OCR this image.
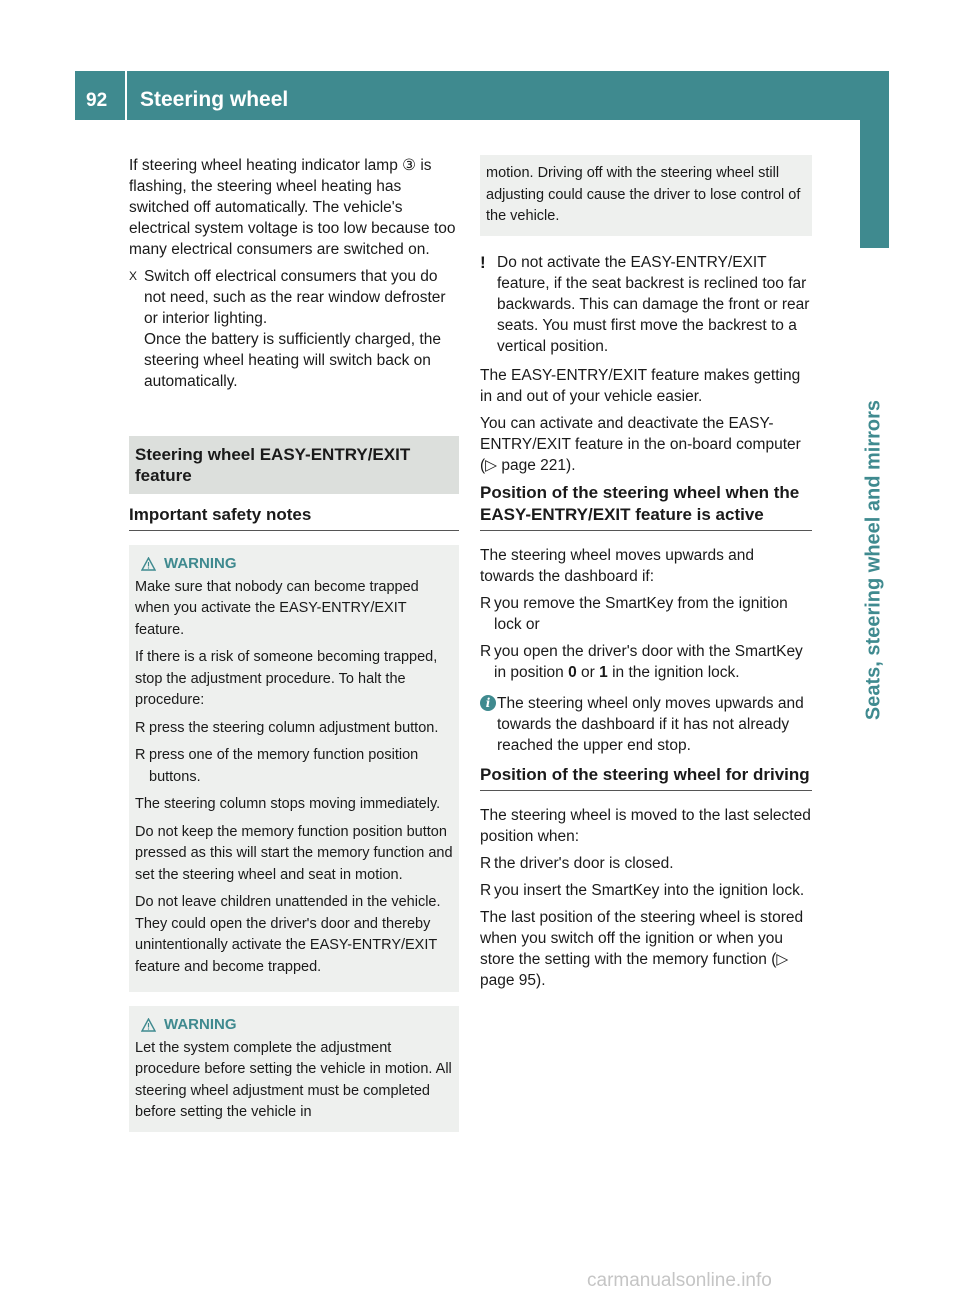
92 Steering wheel
Seats, steering wheel and mirrors

If steering wheel heating indicator lamp ③ is flashing, the steering wheel heating has switched off automatically. The vehicle's electrical system voltage is too low because too many electrical consumers are switched on.

X Switch off electrical consumers that you do not need, such as the rear window defroster or interior lighting.
Once the battery is sufficiently charged, the steering wheel heating will switch back on automatically.
Steering wheel EASY-ENTRY/EXIT feature
Important safety notes
WARNING

Make sure that nobody can become trapped when you activate the EASY-ENTRY/EXIT feature.

If there is a risk of someone becoming trapped, stop the adjustment procedure. To halt the procedure:

R press the steering column adjustment button.
R press one of the memory function position buttons.

The steering column stops moving immediately.

Do not keep the memory function position button pressed as this will start the memory function and set the steering wheel and seat in motion.

Do not leave children unattended in the vehicle. They could open the driver's door and thereby unintentionally activate the EASY-ENTRY/EXIT feature and become trapped.

WARNING

Let the system complete the adjustment procedure before setting the vehicle in motion. All steering wheel adjustment must be completed before setting the vehicle in

motion. Driving off with the steering wheel still adjusting could cause the driver to lose control of the vehicle.

! Do not activate the EASY-ENTRY/EXIT feature, if the seat backrest is reclined too far backwards. This can damage the front or rear seats. You must first move the backrest to a vertical position.

The EASY-ENTRY/EXIT feature makes getting in and out of your vehicle easier.

You can activate and deactivate the EASY-ENTRY/EXIT feature in the on-board computer (▷ page 221).

Position of the steering wheel when the EASY-ENTRY/EXIT feature is active

The steering wheel moves upwards and towards the dashboard if:

R you remove the SmartKey from the ignition lock or
R you open the driver's door with the SmartKey in position 0 or 1 in the ignition lock.
i The steering wheel only moves upwards and towards the dashboard if it has not already reached the upper end stop.
Position of the steering wheel for driving

The steering wheel is moved to the last selected position when:

R the driver's door is closed.
R you insert the SmartKey into the ignition lock.

The last position of the steering wheel is stored when you switch off the ignition or when you store the setting with the memory function (▷ page 95).

carmanualsonline.info
